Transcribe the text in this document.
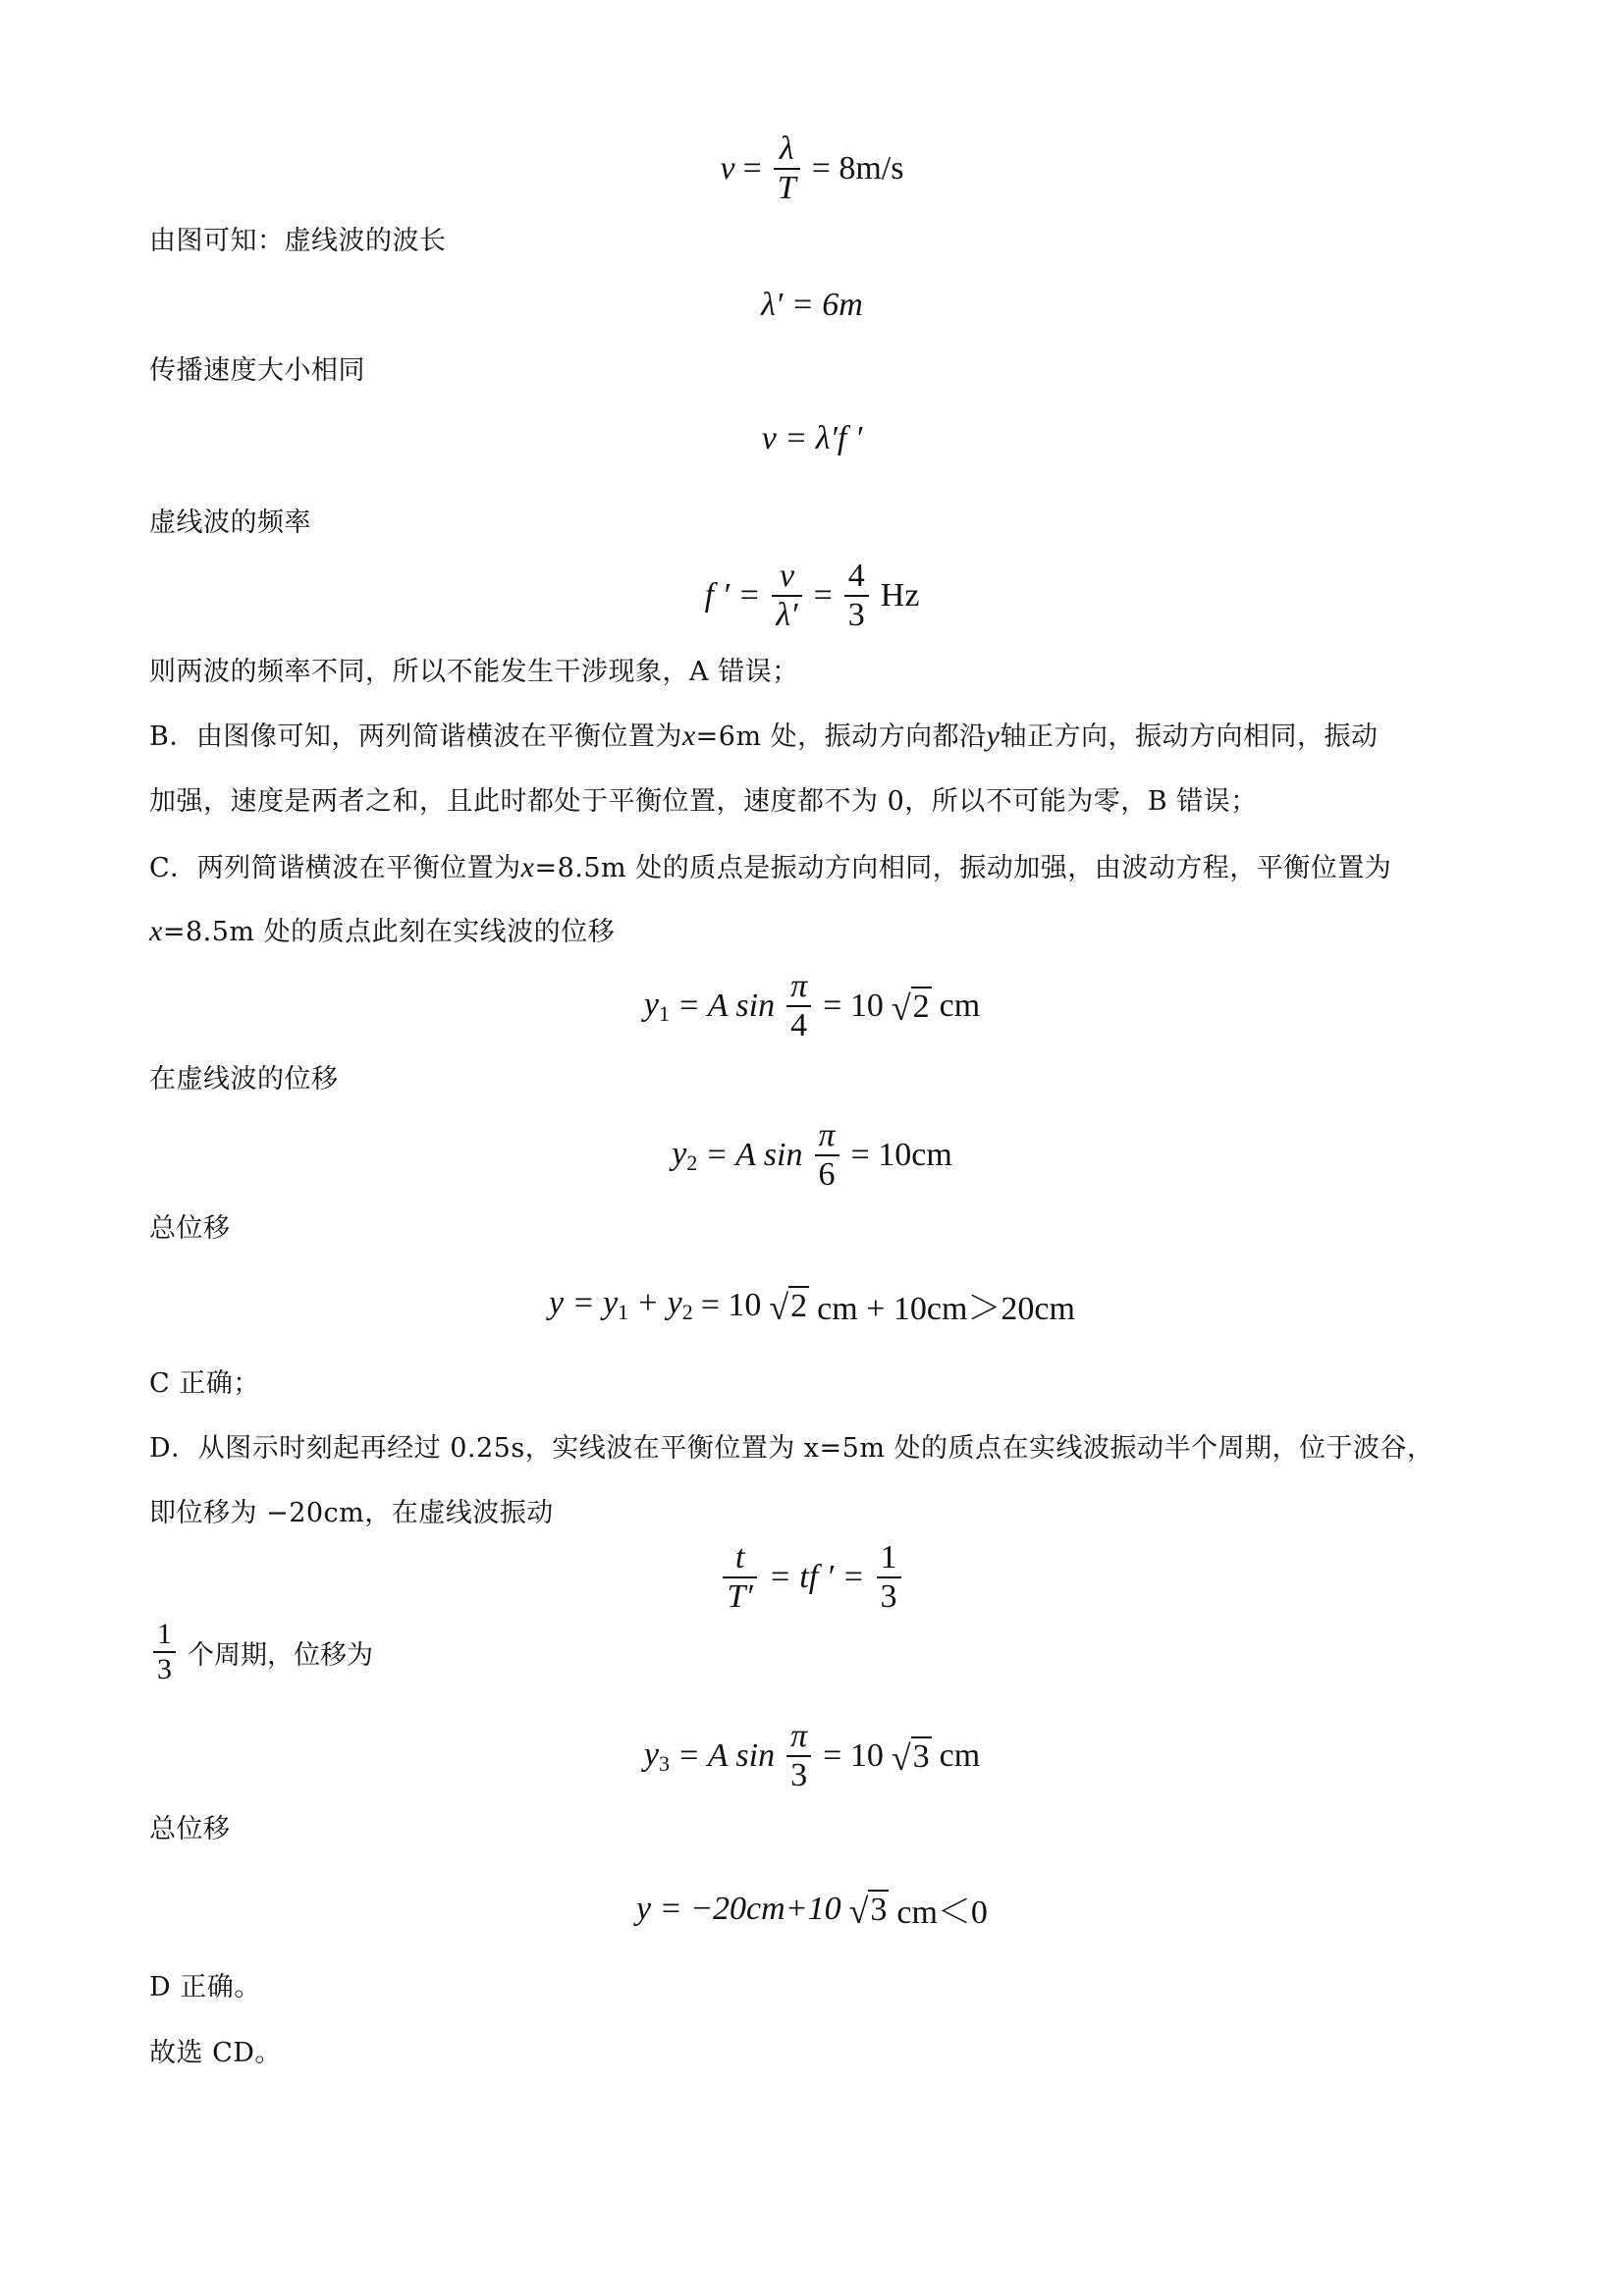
$v = \frac{\lambda}{T} = 8m/s$
由图可知：虚线波的波长
λ′ = 6m
传播速度大小相同
v = λ′f ′
虚线波的频率
f ′ = $\frac{v}{\lambda'} = \frac{4}{3}$ Hz
则两波的频率不同，所以不能发生干涉现象，A 错误；
B．由图像可知，两列简谐横波在平衡位置为x=6m 处，振动方向都沿y轴正方向，振动方向相同，振动
加强，速度是两者之和，且此时都处于平衡位置，速度都不为 0，所以不可能为零，B 错误；
C．两列简谐横波在平衡位置为x=8.5m 处的质点是振动方向相同，振动加强，由波动方程，平衡位置为
x=8.5m 处的质点此刻在实线波的位移
$y_1 = A$ $\sin \frac{\pi}{4} = 10$ √ 2 cm
在虚线波的位移
$y_2 = A$ $\sin \frac{\pi}{6} = 10cm$
总位移
$y = y_1 + y_2 = 10$ √ 2 cm + 10cm＞20cm
C 正确；
D．从图示时刻起再经过 0.25s，实线波在平衡位置为 x=5m 处的质点在实线波振动半个周期，位于波谷，
即位移为 −20cm，在虚线波振动
$\frac{t}{T'}$ = tf ′ = $\frac{1}{3}$
$\frac{1}{3}$ 个周期，位移为
$y_3 = A$ $\sin \frac{\pi}{3} = 10$ √ 3 cm
总位移
y = −20cm+10 √ 3 cm＜0
D 正确。
故选 CD。
